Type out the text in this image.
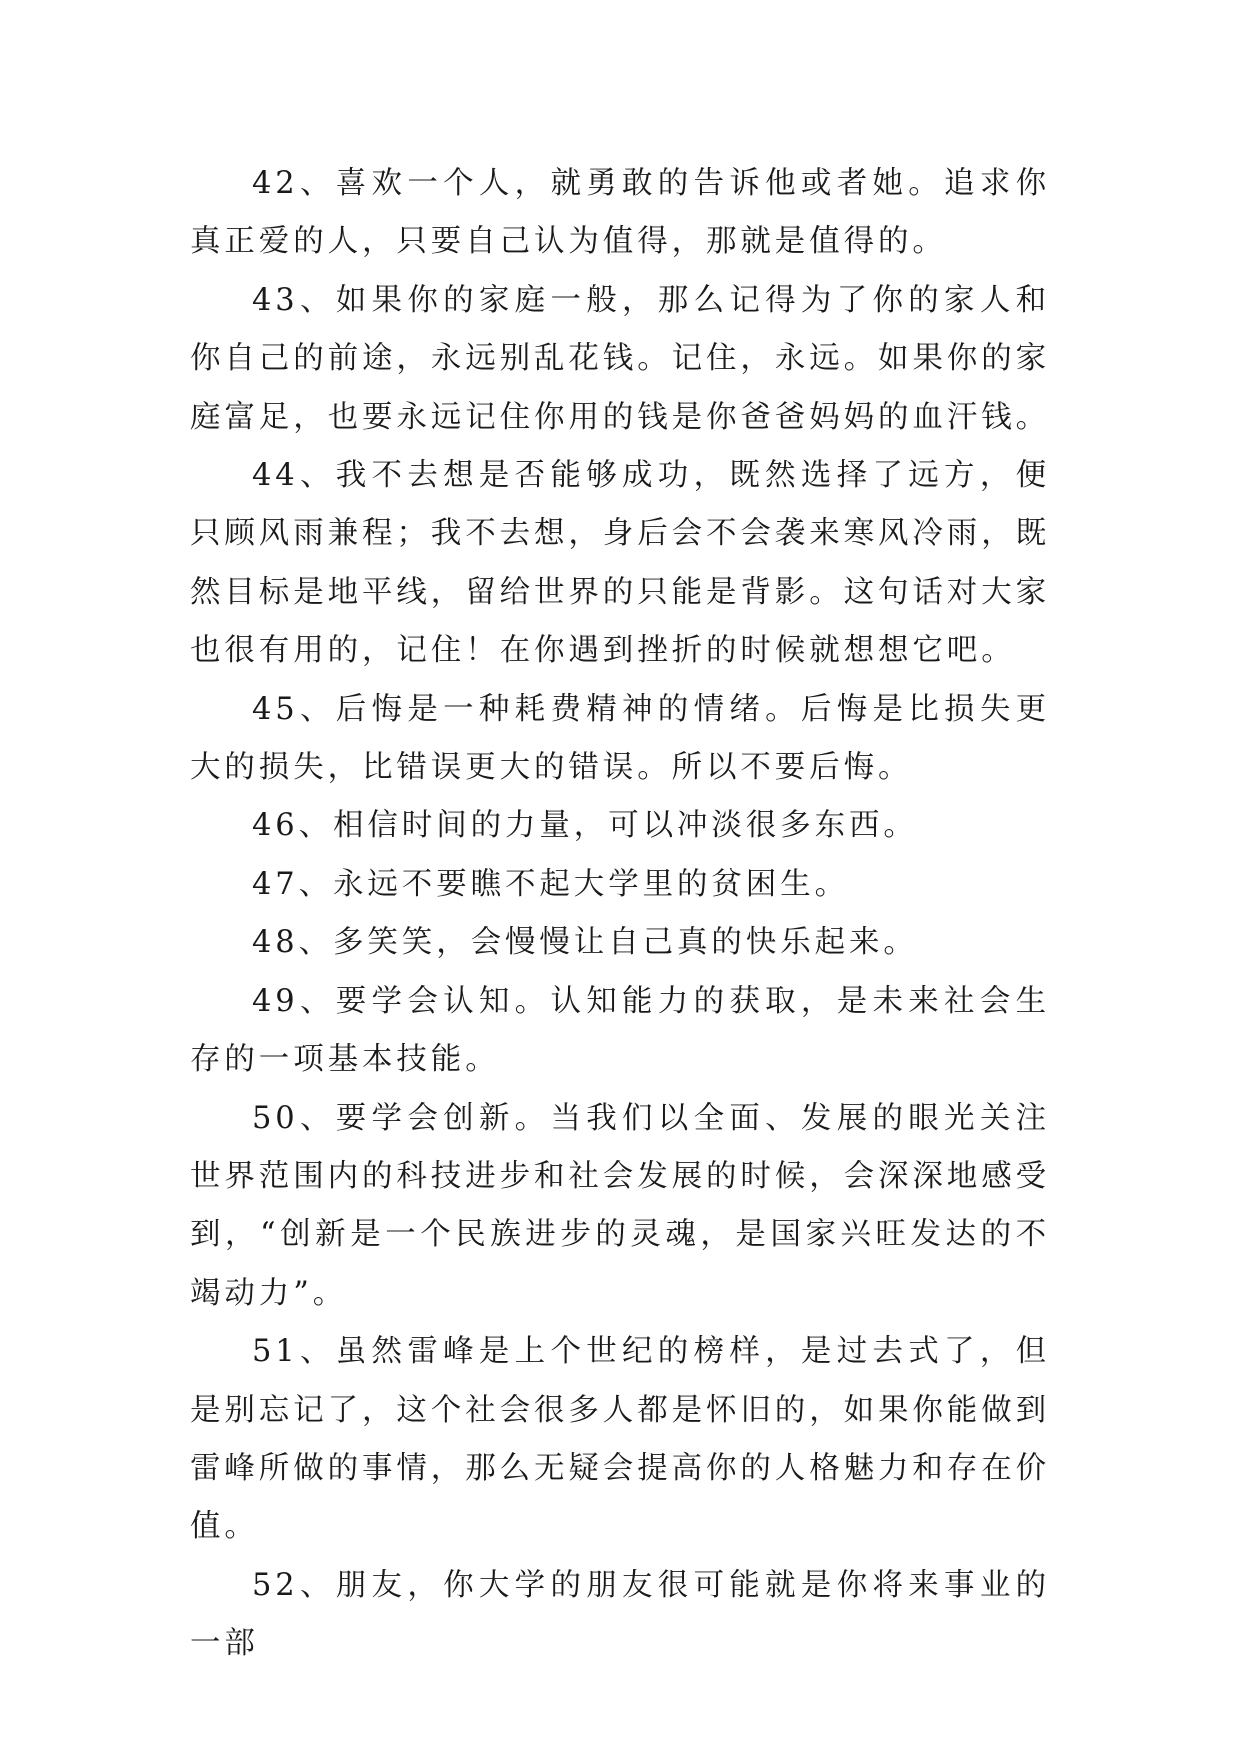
42、喜欢一个人，就勇敢的告诉他或者她。追求你真正爱的人，只要自己认为值得，那就是值得的。

43、如果你的家庭一般，那么记得为了你的家人和你自己的前途，永远别乱花钱。记住，永远。如果你的家庭富足，也要永远记住你用的钱是你爸爸妈妈的血汗钱。

44、我不去想是否能够成功，既然选择了远方，便只顾风雨兼程；我不去想，身后会不会袭来寒风冷雨，既然目标是地平线，留给世界的只能是背影。这句话对大家也很有用的，记住！在你遇到挫折的时候就想想它吧。

45、后悔是一种耗费精神的情绪。后悔是比损失更大的损失，比错误更大的错误。所以不要后悔。

46、相信时间的力量，可以冲淡很多东西。

47、永远不要瞧不起大学里的贫困生。

48、多笑笑，会慢慢让自己真的快乐起来。

49、要学会认知。认知能力的获取，是未来社会生存的一项基本技能。

50、要学会创新。当我们以全面、发展的眼光关注世界范围内的科技进步和社会发展的时候，会深深地感受到，“创新是一个民族进步的灵魂，是国家兴旺发达的不竭动力”。

51、虽然雷峰是上个世纪的榜样，是过去式了，但是别忘记了，这个社会很多人都是怀旧的，如果你能做到雷峰所做的事情，那么无疑会提高你的人格魅力和存在价值。

52、朋友，你大学的朋友很可能就是你将来事业的一部
